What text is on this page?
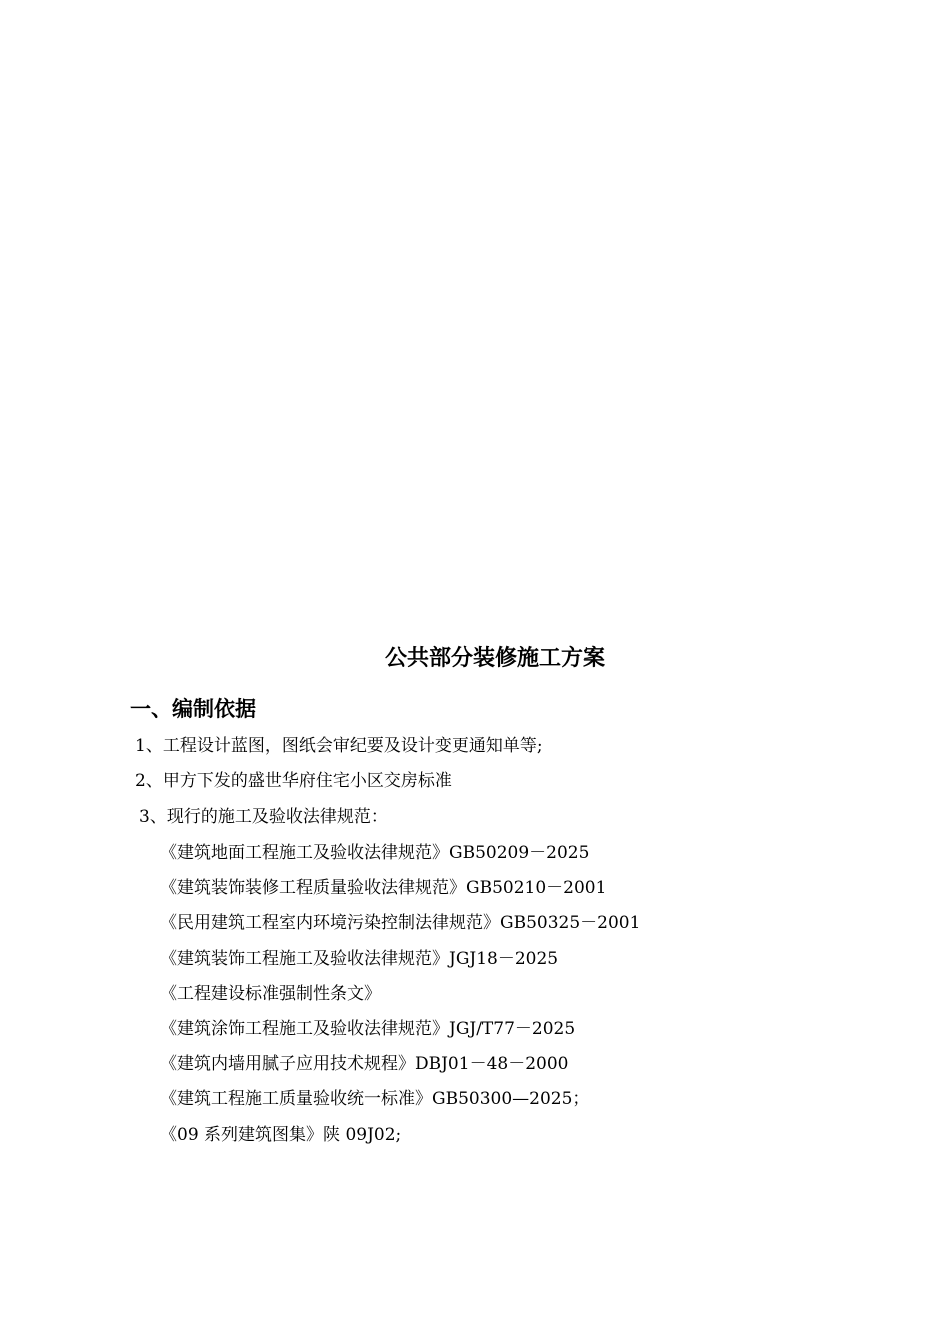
公共部分装修施工方案
一、编制依据
1、工程设计蓝图，图纸会审纪要及设计变更通知单等;
2、甲方下发的盛世华府住宅小区交房标准
3、现行的施工及验收法律规范：
《建筑地面工程施工及验收法律规范》GB50209－2025
《建筑装饰装修工程质量验收法律规范》GB50210－2001
《民用建筑工程室内环境污染控制法律规范》GB50325－2001
《建筑装饰工程施工及验收法律规范》JGJ18－2025
《工程建设标准强制性条文》
《建筑涂饰工程施工及验收法律规范》JGJ/T77－2025
《建筑内墙用腻子应用技术规程》DBJ01－48－2000
《建筑工程施工质量验收统一标准》GB50300—2025；
《09 系列建筑图集》陕 09J02;
